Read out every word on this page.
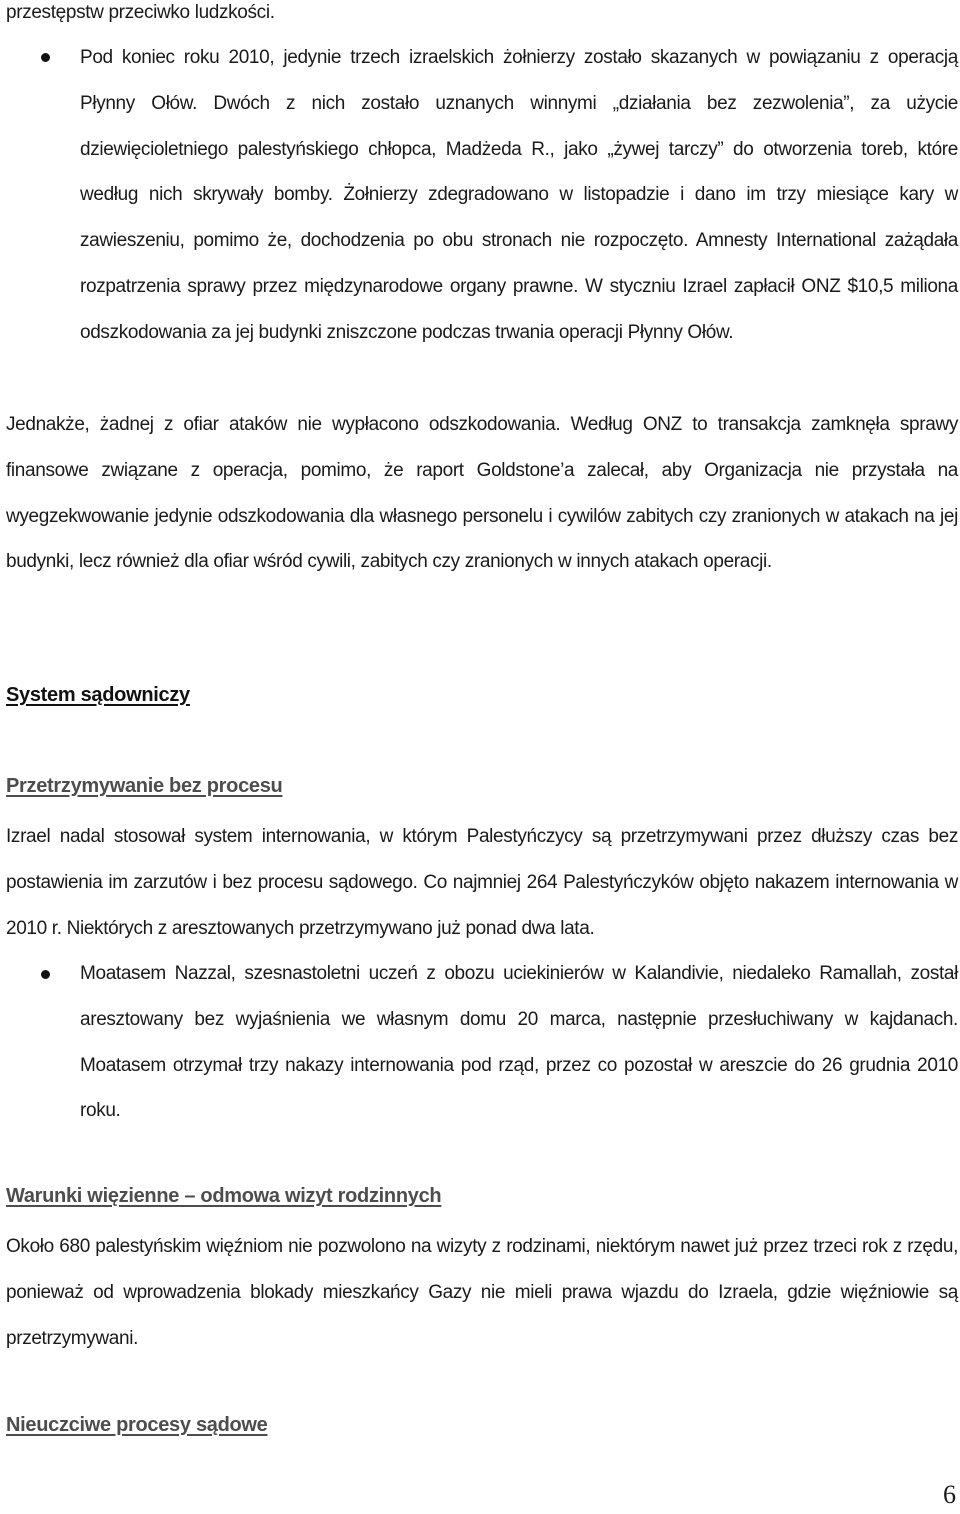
przestępstw przeciwko ludzkości.

Pod koniec roku 2010, jedynie trzech izraelskich żołnierzy zostało skazanych w powiązaniu z operacją Płynny Ołów. Dwóch z nich zostało uznanych winnymi „działania bez zezwolenia”, za użycie dziewięcioletniego palestyńskiego chłopca, Madżeda R., jako „żywej tarczy” do otworzenia toreb, które według nich skrywały bomby. Żołnierzy zdegradowano w listopadzie i dano im trzy miesiące kary w zawieszeniu, pomimo że, dochodzenia po obu stronach nie rozpoczęto. Amnesty International zażądała rozpatrzenia sprawy przez międzynarodowe organy prawne. W styczniu Izrael zapłacił ONZ $10,5 miliona odszkodowania za jej budynki zniszczone podczas trwania operacji Płynny Ołów.

Jednakże, żadnej z ofiar ataków nie wypłacono odszkodowania. Według ONZ to transakcja zamknęła sprawy finansowe związane z operacja, pomimo, że raport Goldstone’a zalecał, aby Organizacja nie przystała na wyegzekwowanie jedynie odszkodowania dla własnego personelu i cywilów zabitych czy zranionych w atakach na jej budynki, lecz również dla ofiar wśród cywili, zabitych czy zranionych w innych atakach operacji.

System sądowniczy
Przetrzymywanie bez procesu

Izrael nadal stosował system internowania, w którym Palestyńczycy są przetrzymywani przez dłuższy czas bez postawienia im zarzutów i bez procesu sądowego. Co najmniej 264 Palestyńczyków objęto nakazem internowania w 2010 r. Niektórych z aresztowanych przetrzymywano już ponad dwa lata.

Moatasem Nazzal, szesnastoletni uczeń z obozu uciekinierów w Kalandivie, niedaleko Ramallah, został aresztowany bez wyjaśnienia we własnym domu 20 marca, następnie przesłuchiwany w kajdanach. Moatasem otrzymał trzy nakazy internowania pod rząd, przez co pozostał w areszcie do 26 grudnia 2010 roku.

Warunki więzienne – odmowa wizyt rodzinnych

Około 680 palestyńskim więźniom nie pozwolono na wizyty z rodzinami, niektórym nawet już przez trzeci rok z rzędu, ponieważ od wprowadzenia blokady mieszkańcy Gazy nie mieli prawa wjazdu do Izraela, gdzie więźniowie są przetrzymywani.

Nieuczciwe procesy sądowe

6
